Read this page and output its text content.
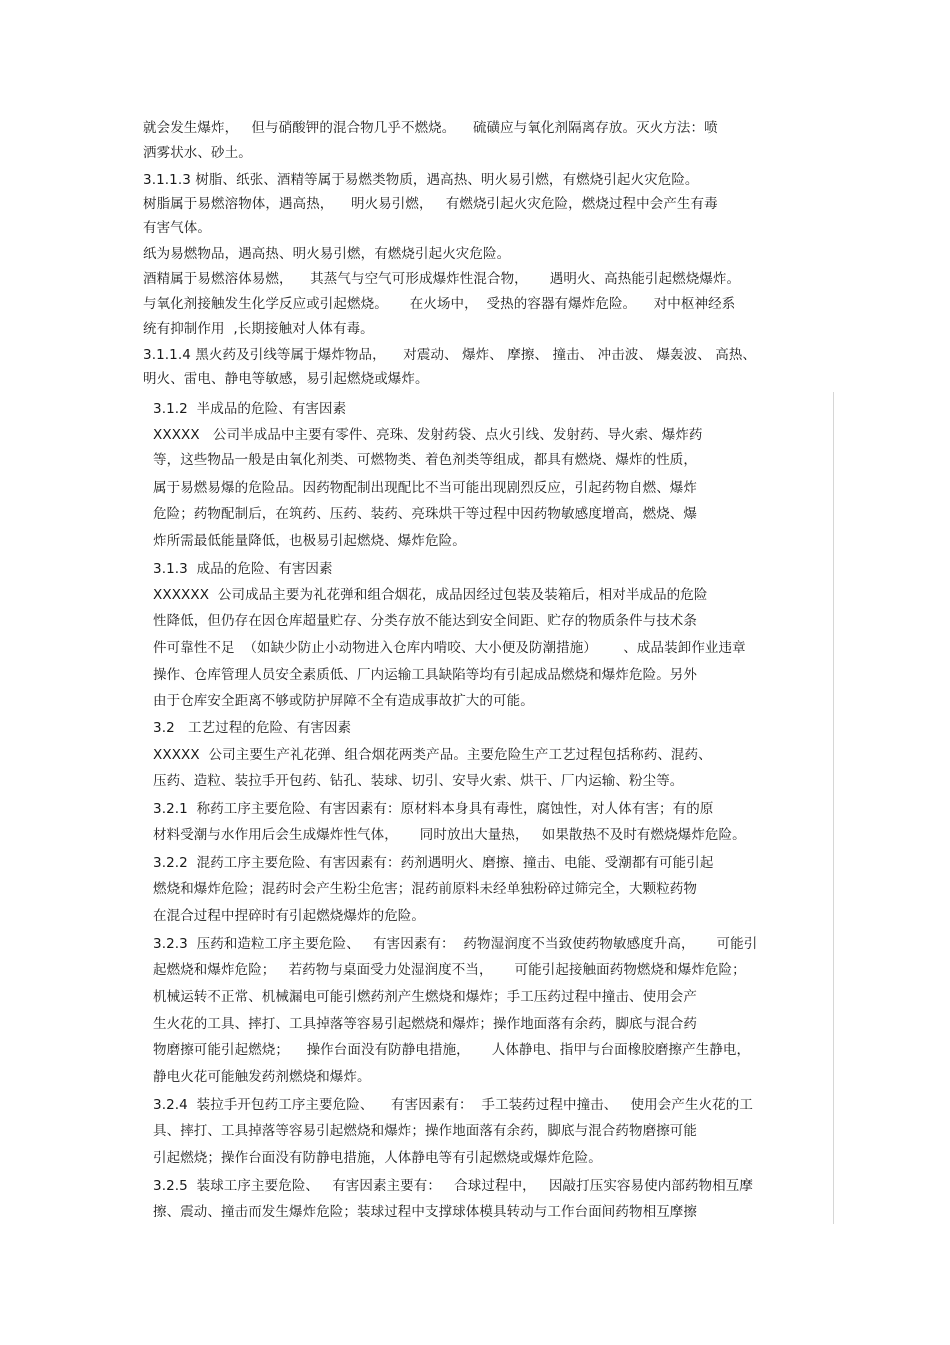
就会发生爆炸，   但与硝酸钾的混合物几乎不燃烧。    硫磺应与氧化剂隔离存放。灭火方法：喷
洒雾状水、砂土。
3.1.1.3 树脂、纸张、酒精等属于易燃类物质，遇高热、明火易引燃，有燃烧引起火灾危险。
树脂属于易燃溶物体，遇高热，    明火易引燃，   有燃烧引起火灾危险，燃烧过程中会产生有毒
有害气体。
纸为易燃物品，遇高热、明火易引燃，有燃烧引起火灾危险。
酒精属于易燃溶体易燃，    其蒸气与空气可形成爆炸性混合物，     遇明火、高热能引起燃烧爆炸。
与氧化剂接触发生化学反应或引起燃烧。     在火场中，  受热的容器有爆炸危险。    对中枢神经系
统有抑制作用  ,长期接触对人体有毒。
3.1.1.4 黑火药及引线等属于爆炸物品，    对震动、 爆炸、 摩擦、 撞击、 冲击波、 爆轰波、 高热、
明火、雷电、静电等敏感，易引起燃烧或爆炸。
3.1.2  半成品的危险、有害因素
XXXXX   公司半成品中主要有零件、亮珠、发射药袋、点火引线、发射药、导火索、爆炸药
等，这些物品一般是由氧化剂类、可燃物类、着色剂类等组成，都具有燃烧、爆炸的性质，
属于易燃易爆的危险品。因药物配制出现配比不当可能出现剧烈反应，引起药物自燃、爆炸
危险；药物配制后，在筑药、压药、装药、亮珠烘干等过程中因药物敏感度增高，燃烧、爆
炸所需最低能量降低，也极易引起燃烧、爆炸危险。
3.1.3  成品的危险、有害因素
XXXXXX  公司成品主要为礼花弹和组合烟花，成品因经过包装及装箱后，相对半成品的危险
性降低，但仍存在因仓库超量贮存、分类存放不能达到安全间距、贮存的物质条件与技术条
件可靠性不足  （如缺少防止小动物进入仓库内啃咬、大小便及防潮措施）      、成品装卸作业违章
操作、仓库管理人员安全素质低、厂内运输工具缺陷等均有引起成品燃烧和爆炸危险。另外
由于仓库安全距离不够或防护屏障不全有造成事故扩大的可能。
3.2   工艺过程的危险、有害因素
XXXXX  公司主要生产礼花弹、组合烟花两类产品。主要危险生产工艺过程包括称药、混药、
压药、造粒、装拉手开包药、钻孔、装球、切引、安导火索、烘干、厂内运输、粉尘等。
3.2.1  称药工序主要危险、有害因素有：原材料本身具有毒性，腐蚀性，对人体有害；有的原
材料受潮与水作用后会生成爆炸性气体，     同时放出大量热，   如果散热不及时有燃烧爆炸危险。
3.2.2  混药工序主要危险、有害因素有：药剂遇明火、磨擦、撞击、电能、受潮都有可能引起
燃烧和爆炸危险；混药时会产生粉尘危害；混药前原料未经单独粉碎过筛完全，大颗粒药物
在混合过程中捏碎时有引起燃烧爆炸的危险。
3.2.3  压药和造粒工序主要危险、   有害因素有：  药物湿润度不当致使药物敏感度升高，     可能引
起燃烧和爆炸危险；   若药物与桌面受力处湿润度不当，     可能引起接触面药物燃烧和爆炸危险；
机械运转不正常、机械漏电可能引燃药剂产生燃烧和爆炸；手工压药过程中撞击、使用会产
生火花的工具、摔打、工具掉落等容易引起燃烧和爆炸；操作地面落有余药，脚底与混合药
物磨擦可能引起燃烧；    操作台面没有防静电措施，     人体静电、指甲与台面橡胶磨擦产生静电，
静电火花可能触发药剂燃烧和爆炸。
3.2.4  装拉手开包药工序主要危险、    有害因素有：  手工装药过程中撞击、   使用会产生火花的工
具、摔打、工具掉落等容易引起燃烧和爆炸；操作地面落有余药，脚底与混合药物磨擦可能
引起燃烧；操作台面没有防静电措施，人体静电等有引起燃烧或爆炸危险。
3.2.5  装球工序主要危险、   有害因素主要有：   合球过程中，   因敲打压实容易使内部药物相互摩
擦、震动、撞击而发生爆炸危险；装球过程中支撑球体模具转动与工作台面间药物相互摩擦
